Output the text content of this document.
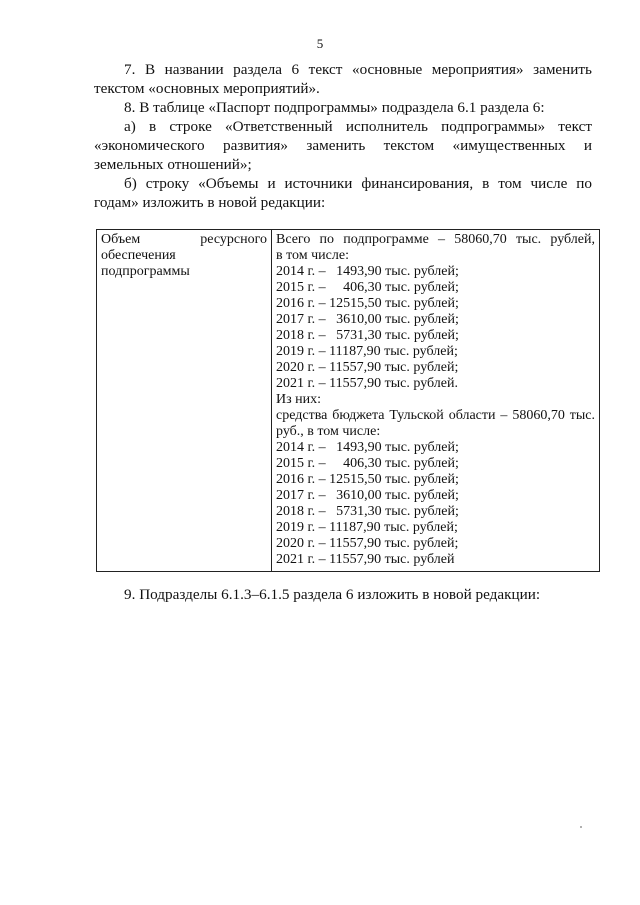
5

7. В названии раздела 6 текст «основные мероприятия» заменить текстом «основных мероприятий».

8. В таблице «Паспорт подпрограммы» подраздела 6.1 раздела 6:

а) в строке «Ответственный исполнитель подпрограммы» текст «экономического развития» заменить текстом «имущественных и земельных отношений»;

б) строку «Объемы и источники финансирования, в том числе по годам» изложить в новой редакции:

Объем	ресурсного
обеспечения
подпрограммы

Всего по подпрограмме – 58060,70 тыс. рублей,
в том числе:
2014 г. –   1493,90 тыс. рублей;
2015 г. –     406,30 тыс. рублей;
2016 г. – 12515,50 тыс. рублей;
2017 г. –   3610,00 тыс. рублей;
2018 г. –   5731,30 тыс. рублей;
2019 г. – 11187,90 тыс. рублей;
2020 г. – 11557,90 тыс. рублей;
2021 г. – 11557,90 тыс. рублей.
Из них:
средства бюджета Тульской области – 58060,70 тыс.
руб., в том числе:
2014 г. –   1493,90 тыс. рублей;
2015 г. –     406,30 тыс. рублей;
2016 г. – 12515,50 тыс. рублей;
2017 г. –   3610,00 тыс. рублей;
2018 г. –   5731,30 тыс. рублей;
2019 г. – 11187,90 тыс. рублей;
2020 г. – 11557,90 тыс. рублей;
2021 г. – 11557,90 тыс. рублей

9. Подразделы 6.1.3–6.1.5 раздела 6 изложить в новой редакции:
